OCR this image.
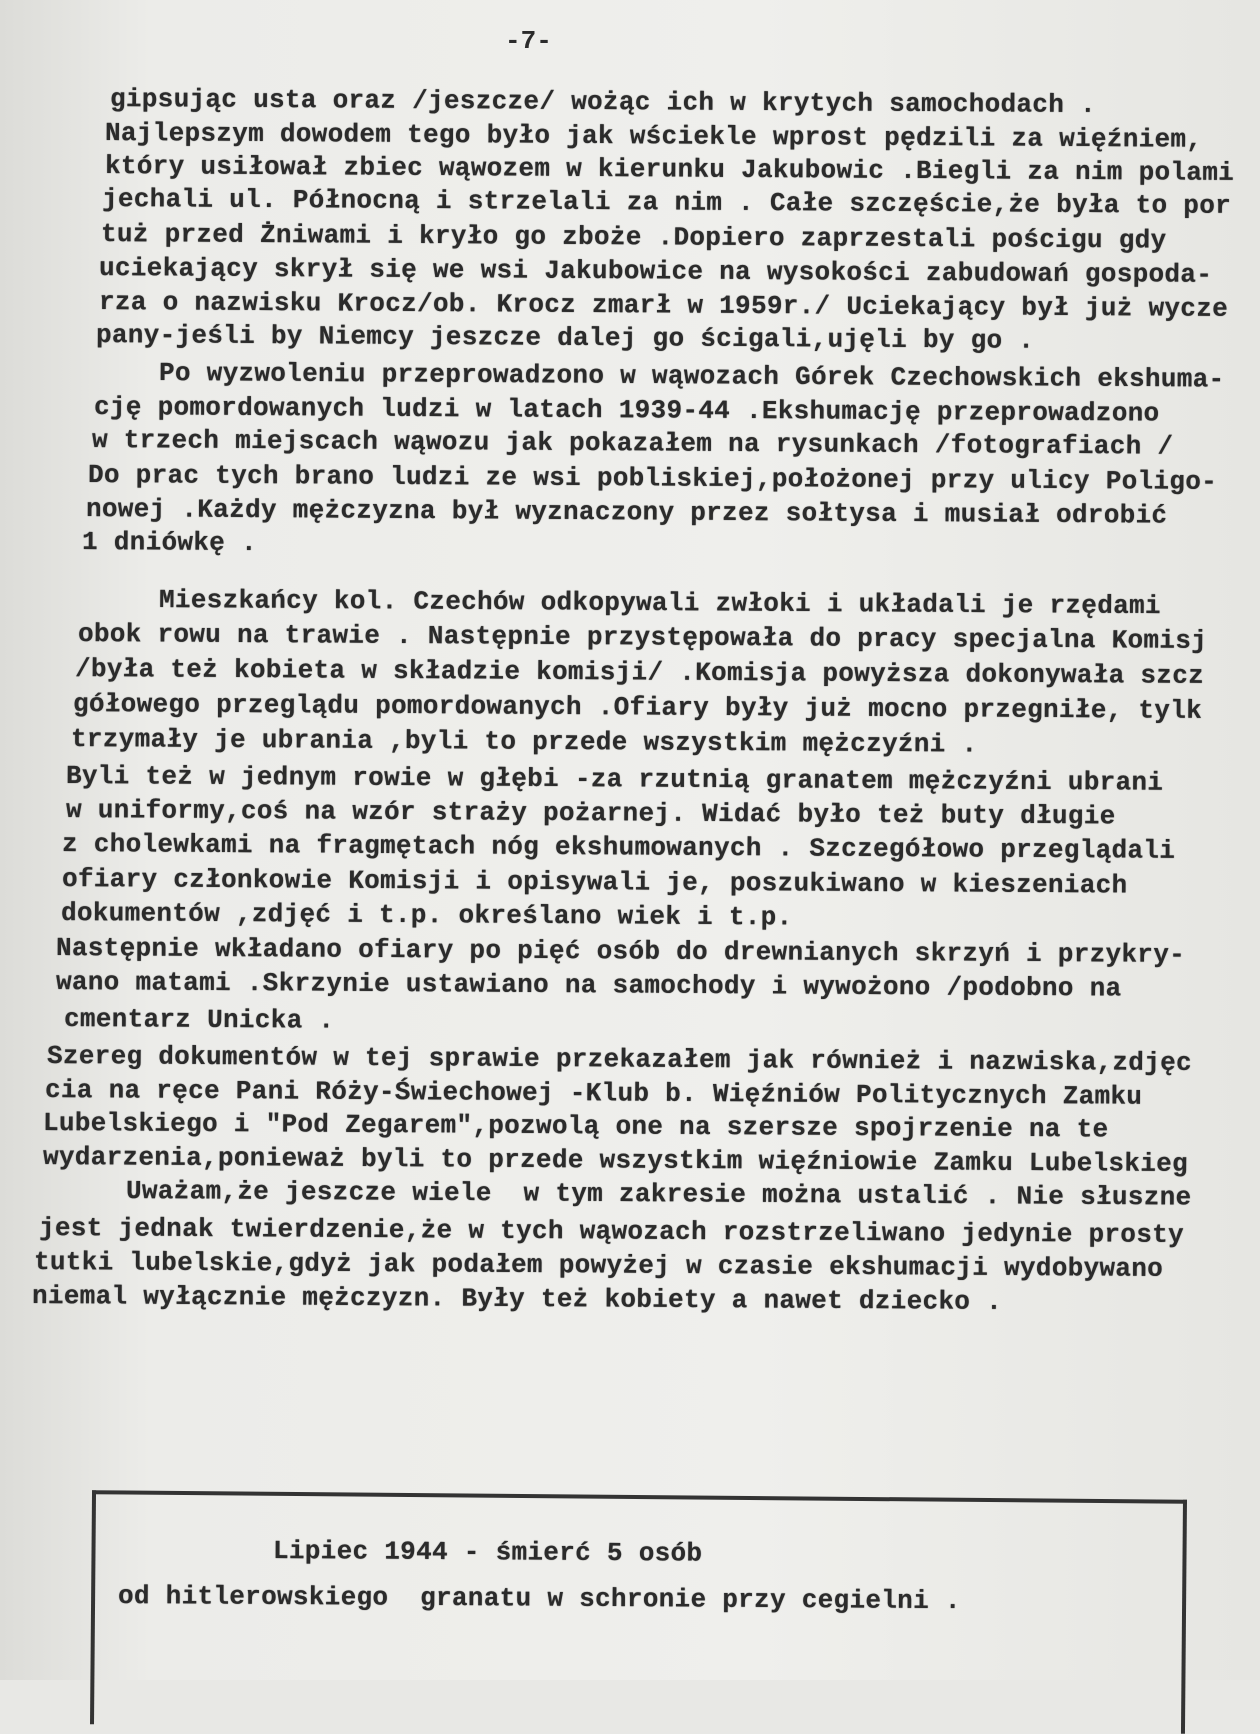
-7-
gipsując usta oraz /jeszcze/ wożąc ich w krytych samochodach .
Najlepszym dowodem tego było jak wściekle wprost pędzili za więźniem,
który usiłował zbiec wąwozem w kierunku Jakubowic .Biegli za nim polami
jechali ul. Północną i strzelali za nim . Całe szczęście,że była to por
tuż przed Żniwami i kryło go zboże .Dopiero zaprzestali pościgu gdy
uciekający skrył się we wsi Jakubowice na wysokości zabudowań gospoda-
rza o nazwisku Krocz/ob. Krocz zmarł w 1959r./ Uciekający był już wycze
pany-jeśli by Niemcy jeszcze dalej go ścigali,ujęli by go .
Po wyzwoleniu przeprowadzono w wąwozach Górek Czechowskich ekshuma-
cję pomordowanych ludzi w latach 1939-44 .Ekshumację przeprowadzono
w trzech miejscach wąwozu jak pokazałem na rysunkach /fotografiach /
Do prac tych brano ludzi ze wsi pobliskiej,położonej przy ulicy Poligo-
nowej .Każdy mężczyzna był wyznaczony przez sołtysa i musiał odrobić
1 dniówkę .
Mieszkańcy kol. Czechów odkopywali zwłoki i układali je rzędami
obok rowu na trawie . Następnie przystępowała do pracy specjalna Komisj
/była też kobieta w składzie komisji/ .Komisja powyższa dokonywała szcz
gółowego przeglądu pomordowanych .Ofiary były już mocno przegniłe, tylk
trzymały je ubrania ,byli to przede wszystkim mężczyźni .
Byli też w jednym rowie w głębi -za rzutnią granatem mężczyźni ubrani
w uniformy,coś na wzór straży pożarnej. Widać było też buty długie
z cholewkami na fragmętach nóg ekshumowanych . Szczegółowo przeglądali
ofiary członkowie Komisji i opisywali je, poszukiwano w kieszeniach
dokumentów ,zdjęć i t.p. określano wiek i t.p.
Następnie wkładano ofiary po pięć osób do drewnianych skrzyń i przykry-
wano matami .Skrzynie ustawiano na samochody i wywożono /podobno na
cmentarz Unicka .
Szereg dokumentów w tej sprawie przekazałem jak również i nazwiska,zdjęc
cia na ręce Pani Róży-Świechowej -Klub b. Więźniów Politycznych Zamku
Lubelskiego i "Pod Zegarem",pozwolą one na szersze spojrzenie na te
wydarzenia,ponieważ byli to przede wszystkim więźniowie Zamku Lubelskieg
Uważam,że jeszcze wiele  w tym zakresie można ustalić . Nie słuszne
jest jednak twierdzenie,że w tych wąwozach rozstrzeliwano jedynie prosty
tutki lubelskie,gdyż jak podałem powyżej w czasie ekshumacji wydobywano
niemal wyłącznie mężczyzn. Były też kobiety a nawet dziecko .
Lipiec 1944 - śmierć 5 osób
od hitlerowskiego  granatu w schronie przy cegielni .
